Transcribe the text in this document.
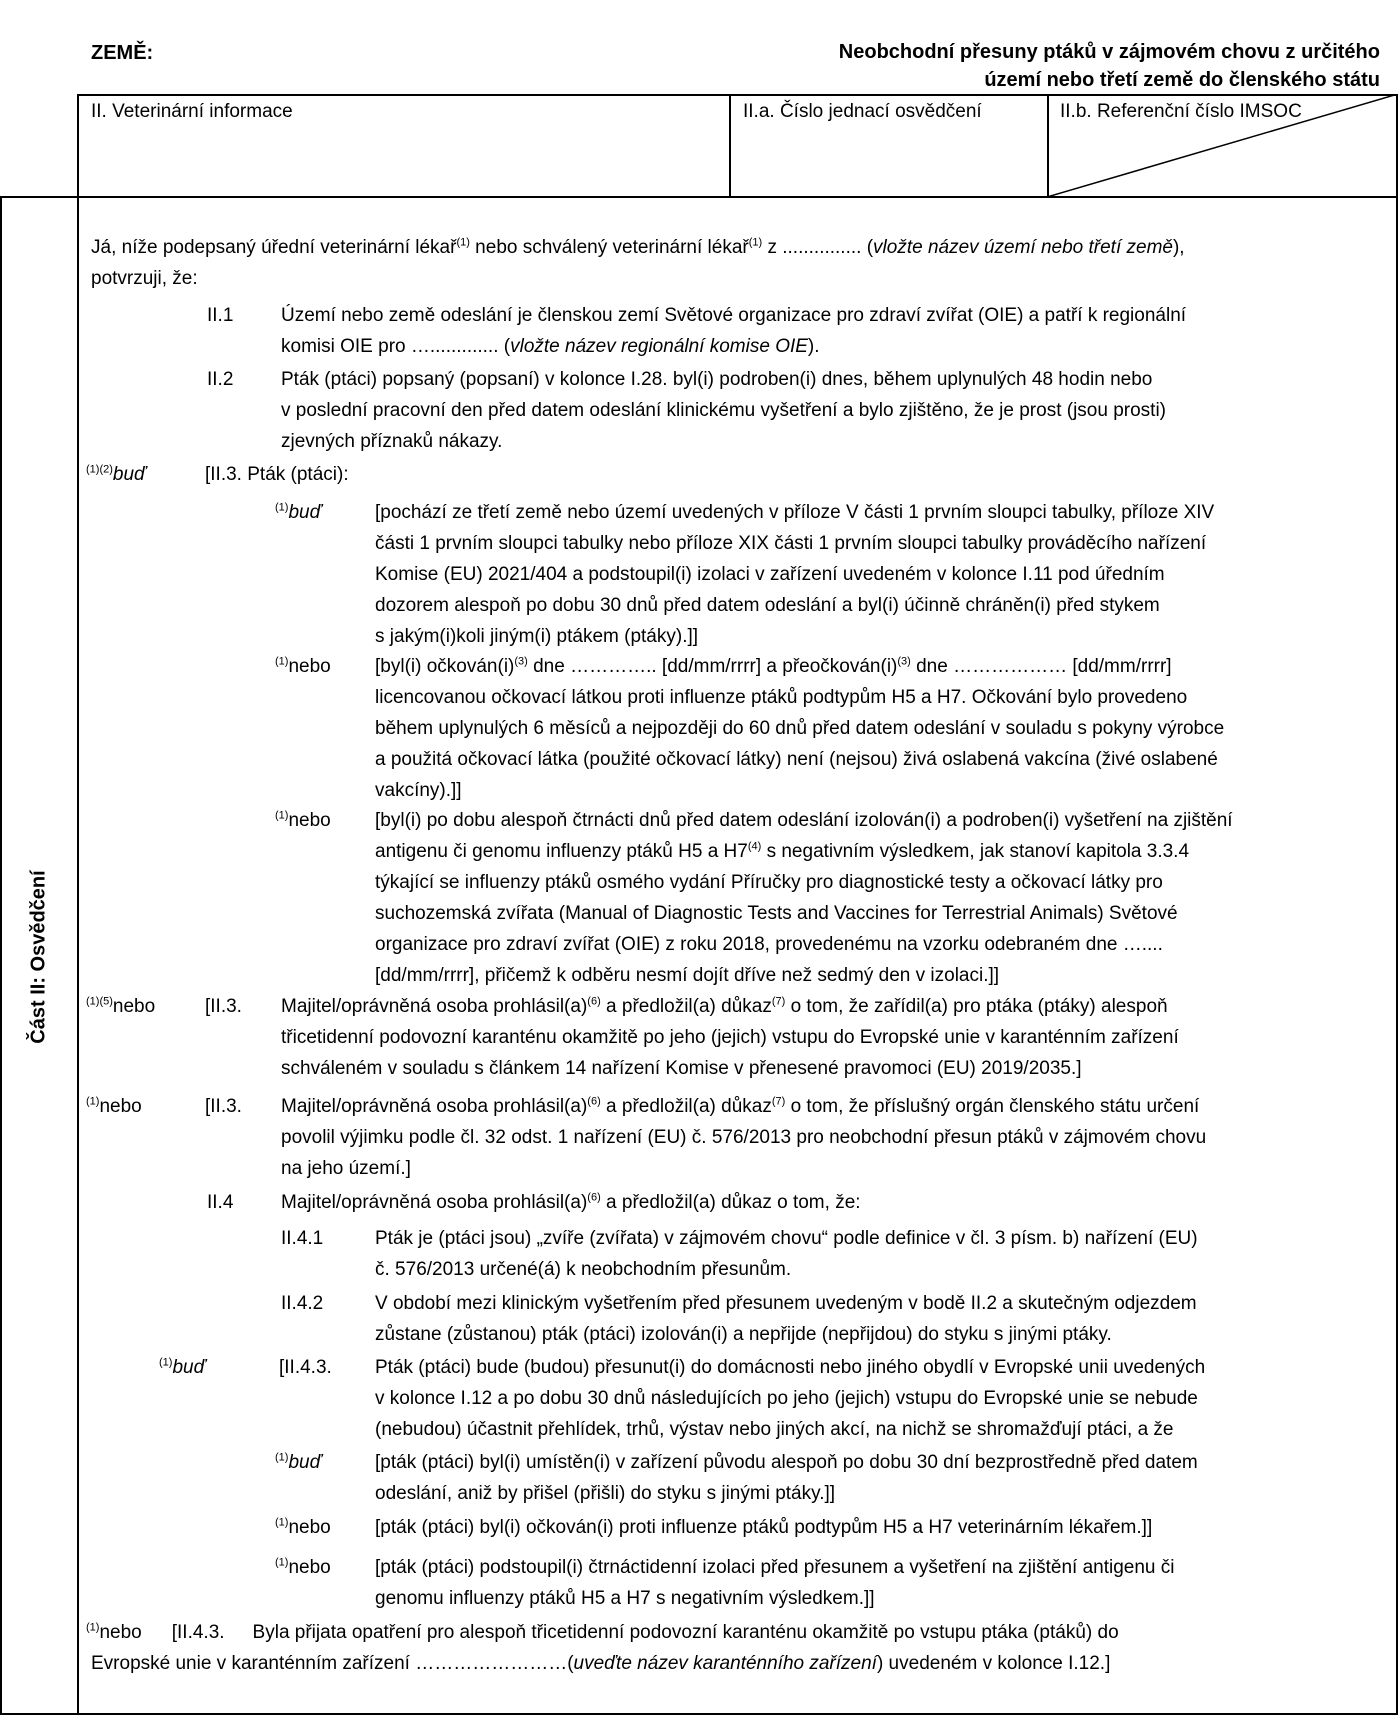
ZEMĚ:	Neobchodní přesuny ptáků v zájmovém chovu z určitého
území nebo třetí země do členského státu
II. Veterinární informace	II.a. Číslo jednací osvědčení	II.b. Referenční číslo IMSOC
Část II: Osvědčení
Já, níže podepsaný úřední veterinární lékař$^{(1)}$ nebo schválený veterinární lékař$^{(1)}$ z ............... (vložte název území nebo třetí země),
potvrzuji, že:
II.1	Území nebo země odeslání je členskou zemí Světové organizace pro zdraví zvířat (OIE) a patří k regionální
komisi OIE pro …............. (vložte název regionální komise OIE).
II.2	Pták (ptáci) popsaný (popsaní) v kolonce I.28. byl(i) podroben(i) dnes, během uplynulých 48 hodin nebo
v poslední pracovní den před datem odeslání klinickému vyšetření a bylo zjištěno, že je prost (jsou prosti)
zjevných příznaků nákazy.
$^{(1)(2)}$buď	[II.3. Pták (ptáci):
$^{(1)}$buď	[pochází ze třetí země nebo území uvedených v příloze V části 1 prvním sloupci tabulky, příloze XIV
části 1 prvním sloupci tabulky nebo příloze XIX části 1 prvním sloupci tabulky prováděcího nařízení
Komise (EU) 2021/404 a podstoupil(i) izolaci v zařízení uvedeném v kolonce I.11 pod úředním
dozorem alespoň po dobu 30 dnů před datem odeslání a byl(i) účinně chráněn(i) před stykem
s jakým(i)koli jiným(i) ptákem (ptáky).]]
$^{(1)}$nebo [byl(i) $očkován(i)^{(3)}$ dne ………….. [dd/mm/rrrr] a $přeočkován(i)^{(3)}$ dne ……………… [dd/mm/rrrr]
licencovanou očkovací látkou proti influenze ptáků podtypům H5 a H7. Očkování bylo provedeno
během uplynulých 6 měsíců a nejpozději do 60 dnů před datem odeslání v souladu s pokyny výrobce
a použitá očkovací látka (použité očkovací látky) není (nejsou) živá oslabená vakcína (živé oslabené
vakcíny).]]
$^{(1)}$nebo [byl(i) po dobu alespoň čtrnácti dnů před datem odeslání izolován(i) a podroben(i) vyšetření na zjištění
antigenu či genomu influenzy ptáků H5 a H7$^{(4)}$ s negativním výsledkem, jak stanoví kapitola 3.3.4
týkající se influenzy ptáků osmého vydání Příručky pro diagnostické testy a očkovací látky pro
suchozemská zvířata (Manual of Diagnostic Tests and Vaccines for Terrestrial Animals) Světové
organizace pro zdraví zvířat (OIE) z roku 2018, provedenému na vzorku odebraném dne …....
[dd/mm/rrrr], přičemž k odběru nesmí dojít dříve než sedmý den v izolaci.]]
$^{(1)(5)}$nebo	[II.3. Majitel/oprávněná osoba $prohlásil(a)^{(6)}$ a předložil(a) důkaz$^{(7)}$ o tom, že zařídil(a) pro ptáka (ptáky) alespoň
třicetidenní podovozní karanténu okamžitě po jeho (jejich) vstupu do Evropské unie v karanténním zařízení
schváleném v souladu s článkem 14 nařízení Komise v přenesené pravomoci (EU) 2019/2035.]
$^{(1)}$nebo	[II.3. Majitel/oprávněná osoba $prohlásil(a)^{(6)}$ a předložil(a) důkaz$^{(7)}$ o tom, že příslušný orgán členského státu určení
povolil výjimku podle čl. 32 odst. 1 nařízení (EU) č. 576/2013 pro neobchodní přesun ptáků v zájmovém chovu
na jeho území.]
II.4	Majitel/oprávněná osoba $prohlásil(a)^{(6)}$ a předložil(a) důkaz o tom, že:
II.4.1	Pták je (ptáci jsou) „zvíře (zvířata) v zájmovém chovu“ podle definice v čl. 3 písm. b) nařízení (EU)
č. 576/2013 určené(á) k neobchodním přesunům.
II.4.2	V období mezi klinickým vyšetřením před přesunem uvedeným v bodě II.2 a skutečným odjezdem
zůstane (zůstanou) pták (ptáci) izolován(i) a nepřijde (nepřijdou) do styku s jinými ptáky.
$^{(1)}$buď	[II.4.3. Pták (ptáci) bude (budou) přesunut(i) do domácnosti nebo jiného obydlí v Evropské unii uvedených
v kolonce I.12 a po dobu 30 dnů následujících po jeho (jejich) vstupu do Evropské unie se nebude
(nebudou) účastnit přehlídek, trhů, výstav nebo jiných akcí, na nichž se shromažďují ptáci, a že
$^{(1)}$buď	[pták (ptáci) byl(i) umístěn(i) v zařízení původu alespoň po dobu 30 dní bezprostředně před datem
odeslání, aniž by přišel (přišli) do styku s jinými ptáky.]]
$^{(1)}$nebo [pták (ptáci) byl(i) očkován(i) proti influenze ptáků podtypům H5 a H7 veterinárním lékařem.]]
$^{(1)}$nebo [pták (ptáci) podstoupil(i) čtrnáctidenní izolaci před přesunem a vyšetření na zjištění antigenu či
genomu influenzy ptáků H5 a H7 s negativním výsledkem.]]
$^{(1)}$nebo [II.4.3. Byla přijata opatření pro alespoň třicetidenní podovozní karanténu okamžitě po vstupu ptáka (ptáků) do
Evropské unie v karanténním zařízení ……………………(uveďte název karanténního zařízení) uvedeném v kolonce I.12.]
